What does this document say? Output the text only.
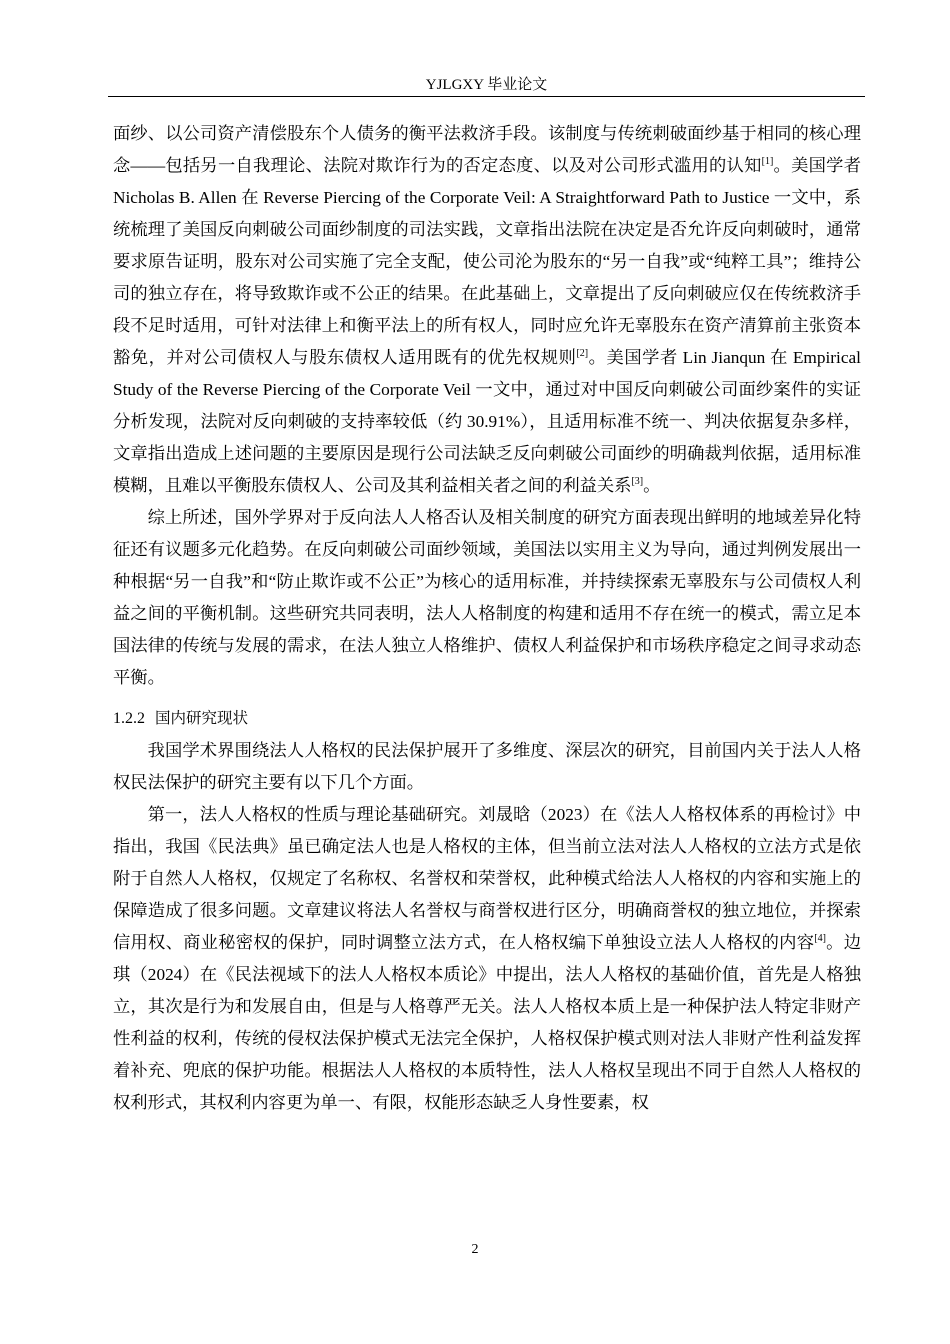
YJLGXY 毕业论文

面纱、以公司资产清偿股东个人债务的衡平法救济手段。该制度与传统刺破面纱基于相同的核心理念——包括另一自我理论、法院对欺诈行为的否定态度、以及对公司形式滥用的认知[1]。美国学者 Nicholas B. Allen 在 Reverse Piercing of the Corporate Veil: A Straightforward Path to Justice 一文中，系统梳理了美国反向刺破公司面纱制度的司法实践，文章指出法院在决定是否允许反向刺破时，通常要求原告证明，股东对公司实施了完全支配，使公司沦为股东的“另一自我”或“纯粹工具”；维持公司的独立存在，将导致欺诈或不公正的结果。在此基础上，文章提出了反向刺破应仅在传统救济手段不足时适用，可针对法律上和衡平法上的所有权人，同时应允许无辜股东在资产清算前主张资本豁免，并对公司债权人与股东债权人适用既有的优先权规则[2]。美国学者 Lin Jianqun 在 Empirical Study of the Reverse Piercing of the Corporate Veil 一文中，通过对中国反向刺破公司面纱案件的实证分析发现，法院对反向刺破的支持率较低（约 30.91%），且适用标准不统一、判决依据复杂多样，文章指出造成上述问题的主要原因是现行公司法缺乏反向刺破公司面纱的明确裁判依据，适用标准模糊，且难以平衡股东债权人、公司及其利益相关者之间的利益关系[3]。

综上所述，国外学界对于反向法人人格否认及相关制度的研究方面表现出鲜明的地域差异化特征还有议题多元化趋势。在反向刺破公司面纱领域，美国法以实用主义为导向，通过判例发展出一种根据“另一自我”和“防止欺诈或不公正”为核心的适用标准，并持续探索无辜股东与公司债权人利益之间的平衡机制。这些研究共同表明，法人人格制度的构建和适用不存在统一的模式，需立足本国法律的传统与发展的需求，在法人独立人格维护、债权人利益保护和市场秩序稳定之间寻求动态平衡。

1.2.2 国内研究现状

我国学术界围绕法人人格权的民法保护展开了多维度、深层次的研究，目前国内关于法人人格权民法保护的研究主要有以下几个方面。

第一，法人人格权的性质与理论基础研究。刘晟晗（2023）在《法人人格权体系的再检讨》中指出，我国《民法典》虽已确定法人也是人格权的主体，但当前立法对法人人格权的立法方式是依附于自然人人格权，仅规定了名称权、名誉权和荣誉权，此种模式给法人人格权的内容和实施上的保障造成了很多问题。文章建议将法人名誉权与商誉权进行区分，明确商誉权的独立地位，并探索信用权、商业秘密权的保护，同时调整立法方式，在人格权编下单独设立法人人格权的内容[4]。边琪（2024）在《民法视域下的法人人格权本质论》中提出，法人人格权的基础价值，首先是人格独立，其次是行为和发展自由，但是与人格尊严无关。法人人格权本质上是一种保护法人特定非财产性利益的权利，传统的侵权法保护模式无法完全保护，人格权保护模式则对法人非财产性利益发挥着补充、兜底的保护功能。根据法人人格权的本质特性，法人人格权呈现出不同于自然人人格权的权利形式，其权利内容更为单一、有限，权能形态缺乏人身性要素，权

2
